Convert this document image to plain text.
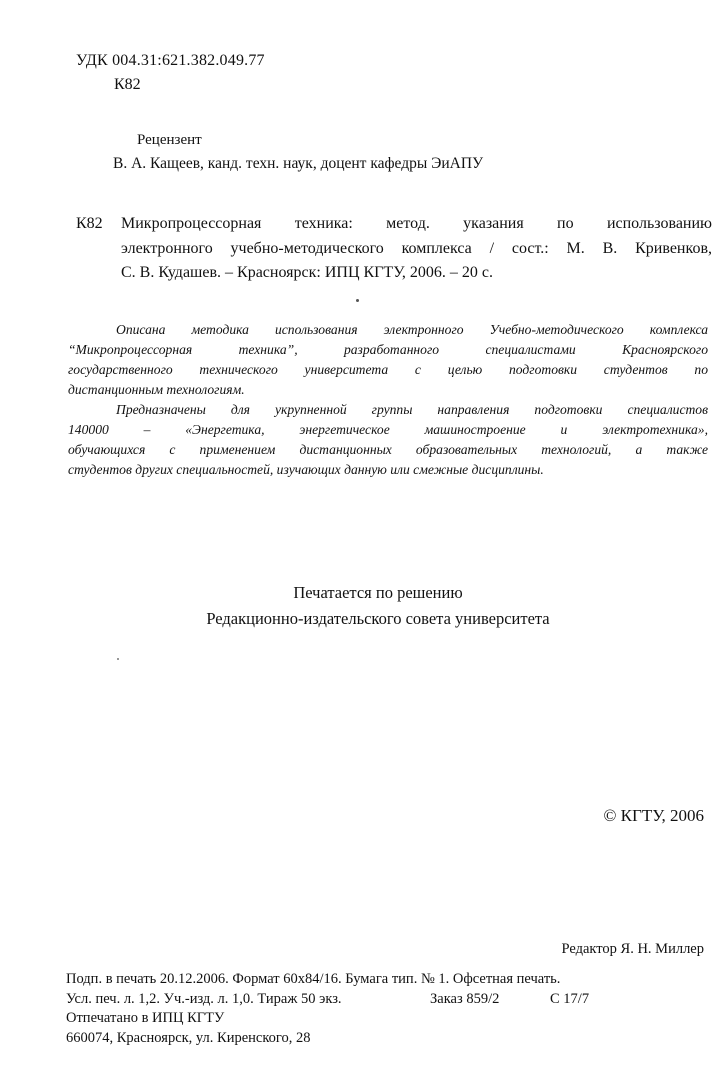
УДК 004.31:621.382.049.77
К82
Рецензент
В. А. Кащеев, канд. техн. наук, доцент кафедры ЭиАПУ
К82 Микропроцессорная техника: метод. указания по использованию
электронного учебно-методического комплекса / сост.: М. В. Кривенков,
С. В. Кудашев. – Красноярск: ИПЦ КГТУ, 2006. – 20 с.
Описана методика использования электронного Учебно-методического комплекса
“Микропроцессорная техника”, разработанного специалистами Красноярского
государственного технического университета с целью подготовки студентов по
дистанционным технологиям.
Предназначены для укрупненной группы направления подготовки специалистов
140000 – «Энергетика, энергетическое машиностроение и электротехника»,
обучающихся с применением дистанционных образовательных технологий, а также
студентов других специальностей, изучающих данную или смежные дисциплины.
Печатается по решению
Редакционно-издательского совета университета
© КГТУ, 2006
Редактор Я. Н. Миллер
Подп. в печать 20.12.2006. Формат 60x84/16. Бумага тип. № 1. Офсетная печать.
Усл. печ. л. 1,2. Уч.-изд. л. 1,0. Тираж 50 экз.	Заказ 859/2	С 17/7
Отпечатано в ИПЦ КГТУ
660074, Красноярск, ул. Киренского, 28
